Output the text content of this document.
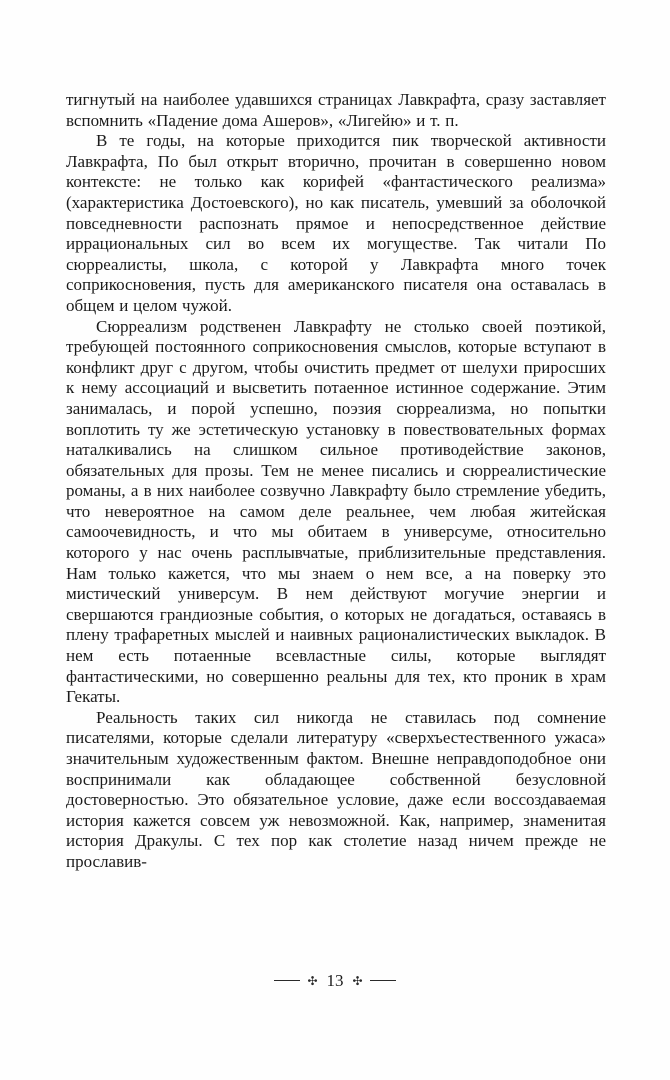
тигнутый на наиболее удавшихся страницах Лавкрафта, сразу заставляет вспомнить «Падение дома Ашеров», «Лигейю» и т. п.

В те годы, на которые приходится пик творческой активности Лавкрафта, По был открыт вторично, прочитан в совершенно новом контексте: не только как корифей «фантастического реализма» (характеристика Достоевского), но как писатель, умевший за оболочкой повседневности распознать прямое и непосредственное действие иррациональных сил во всем их могуществе. Так читали По сюрреалисты, школа, с которой у Лавкрафта много точек соприкосновения, пусть для американского писателя она оставалась в общем и целом чужой.

Сюрреализм родственен Лавкрафту не столько своей поэтикой, требующей постоянного соприкосновения смыслов, которые вступают в конфликт друг с другом, чтобы очистить предмет от шелухи приросших к нему ассоциаций и высветить потаенное истинное содержание. Этим занималась, и порой успешно, поэзия сюрреализма, но попытки воплотить ту же эстетическую установку в повествовательных формах наталкивались на слишком сильное противодействие законов, обязательных для прозы. Тем не менее писались и сюрреалистические романы, а в них наиболее созвучно Лавкрафту было стремление убедить, что невероятное на самом деле реальнее, чем любая житейская самоочевидность, и что мы обитаем в универсуме, относительно которого у нас очень расплывчатые, приблизительные представления. Нам только кажется, что мы знаем о нем все, а на поверку это мистический универсум. В нем действуют могучие энергии и свершаются грандиозные события, о которых не догадаться, оставаясь в плену трафаретных мыслей и наивных рационалистических выкладок. В нем есть потаенные всевластные силы, которые выглядят фантастическими, но совершенно реальны для тех, кто проник в храм Гекаты.

Реальность таких сил никогда не ставилась под сомнение писателями, которые сделали литературу «сверхъестественного ужаса» значительным художественным фактом. Внешне неправдоподобное они воспринимали как обладающее собственной безусловной достоверностью. Это обязательное условие, даже если воссоздаваемая история кажется совсем уж невозможной. Как, например, знаменитая история Дракулы. С тех пор как столетие назад ничем прежде не прославив-

✣ 13 ✣
